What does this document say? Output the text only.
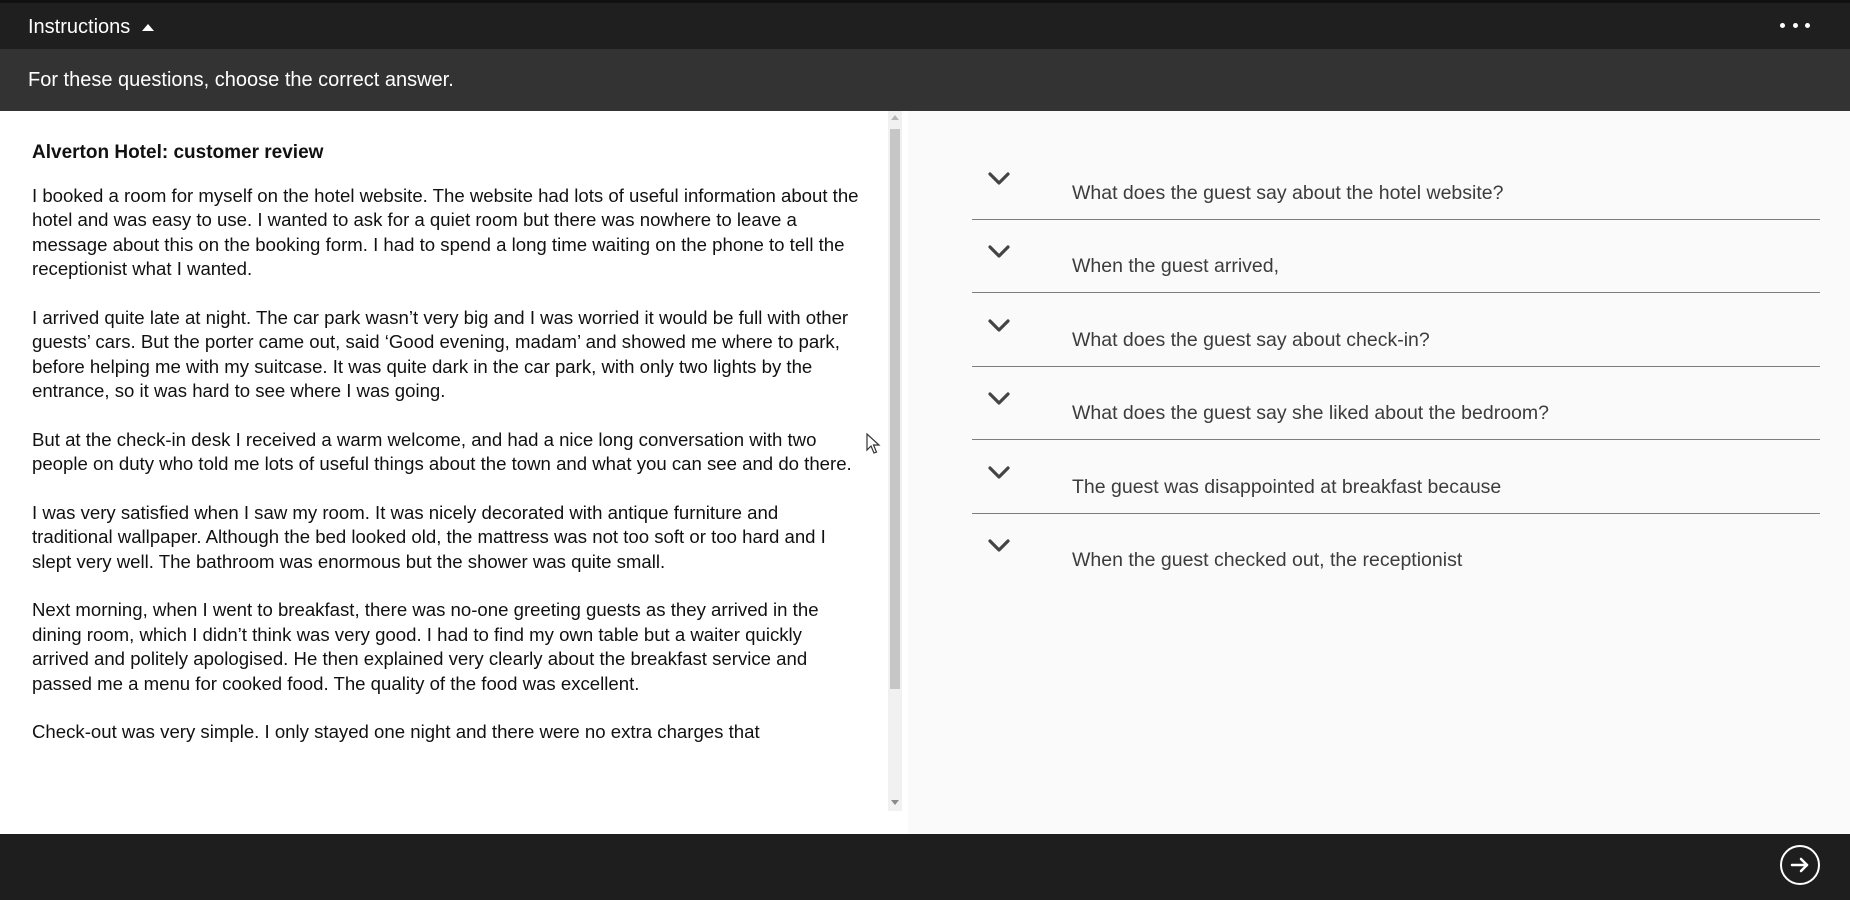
Instructions
For these questions, choose the correct answer.
Alverton Hotel: customer review

I booked a room for myself on the hotel website. The website had lots of useful information about the hotel and was easy to use. I wanted to ask for a quiet room but there was nowhere to leave a message about this on the booking form. I had to spend a long time waiting on the phone to tell the receptionist what I wanted.

I arrived quite late at night. The car park wasn’t very big and I was worried it would be full with other guests’ cars. But the porter came out, said ‘Good evening, madam’ and showed me where to park, before helping me with my suitcase. It was quite dark in the car park, with only two lights by the entrance, so it was hard to see where I was going.

But at the check-in desk I received a warm welcome, and had a nice long conversation with two people on duty who told me lots of useful things about the town and what you can see and do there.

I was very satisfied when I saw my room. It was nicely decorated with antique furniture and traditional wallpaper. Although the bed looked old, the mattress was not too soft or too hard and I slept very well. The bathroom was enormous but the shower was quite small.

Next morning, when I went to breakfast, there was no-one greeting guests as they arrived in the dining room, which I didn’t think was very good. I had to find my own table but a waiter quickly arrived and politely apologised. He then explained very clearly about the breakfast service and passed me a menu for cooked food. The quality of the food was excellent.

Check-out was very simple. I only stayed one night and there were no extra charges that

What does the guest say about the hotel website?
When the guest arrived,
What does the guest say about check-in?
What does the guest say she liked about the bedroom?
The guest was disappointed at breakfast because
When the guest checked out, the receptionist
